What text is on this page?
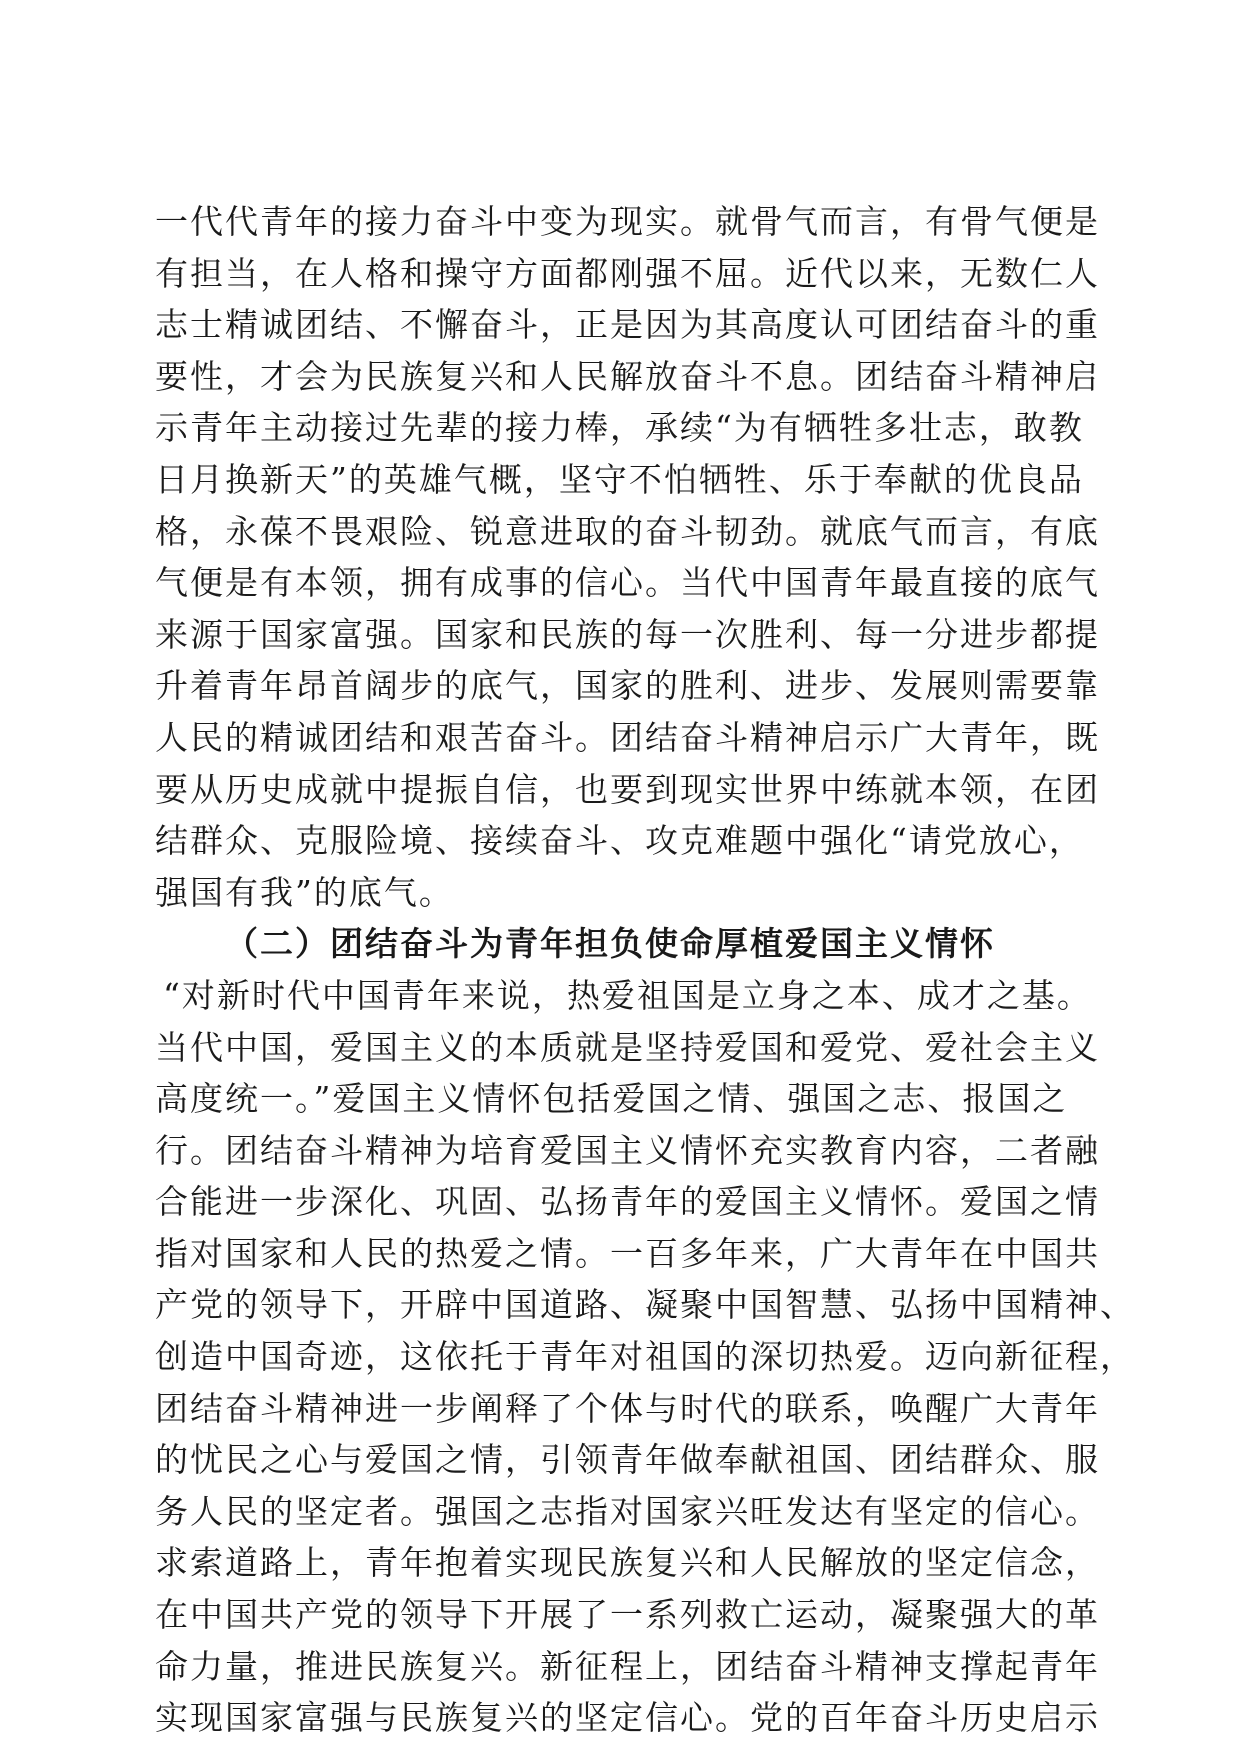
一代代青年的接力奋斗中变为现实。就骨气而言，有骨气便是
有担当，在人格和操守方面都刚强不屈。近代以来，无数仁人
志士精诚团结、不懈奋斗，正是因为其高度认可团结奋斗的重
要性，才会为民族复兴和人民解放奋斗不息。团结奋斗精神启
示青年主动接过先辈的接力棒，承续“为有牺牲多壮志，敢教
日月换新天”的英雄气概，坚守不怕牺牲、乐于奉献的优良品
格，永葆不畏艰险、锐意进取的奋斗韧劲。就底气而言，有底
气便是有本领，拥有成事的信心。当代中国青年最直接的底气
来源于国家富强。国家和民族的每一次胜利、每一分进步都提
升着青年昂首阔步的底气，国家的胜利、进步、发展则需要靠
人民的精诚团结和艰苦奋斗。团结奋斗精神启示广大青年，既
要从历史成就中提振自信，也要到现实世界中练就本领，在团
结群众、克服险境、接续奋斗、攻克难题中强化“请党放心，
强国有我”的底气。
（二）团结奋斗为青年担负使命厚植爱国主义情怀
“对新时代中国青年来说，热爱祖国是立身之本、成才之基。
当代中国，爱国主义的本质就是坚持爱国和爱党、爱社会主义
高度统一。”爱国主义情怀包括爱国之情、强国之志、报国之
行。团结奋斗精神为培育爱国主义情怀充实教育内容，二者融
合能进一步深化、巩固、弘扬青年的爱国主义情怀。爱国之情
指对国家和人民的热爱之情。一百多年来，广大青年在中国共
产党的领导下，开辟中国道路、凝聚中国智慧、弘扬中国精神、
创造中国奇迹，这依托于青年对祖国的深切热爱。迈向新征程，
团结奋斗精神进一步阐释了个体与时代的联系，唤醒广大青年
的忧民之心与爱国之情，引领青年做奉献祖国、团结群众、服
务人民的坚定者。强国之志指对国家兴旺发达有坚定的信心。
求索道路上，青年抱着实现民族复兴和人民解放的坚定信念，
在中国共产党的领导下开展了一系列救亡运动，凝聚强大的革
命力量，推进民族复兴。新征程上，团结奋斗精神支撑起青年
实现国家富强与民族复兴的坚定信心。党的百年奋斗历史启示
